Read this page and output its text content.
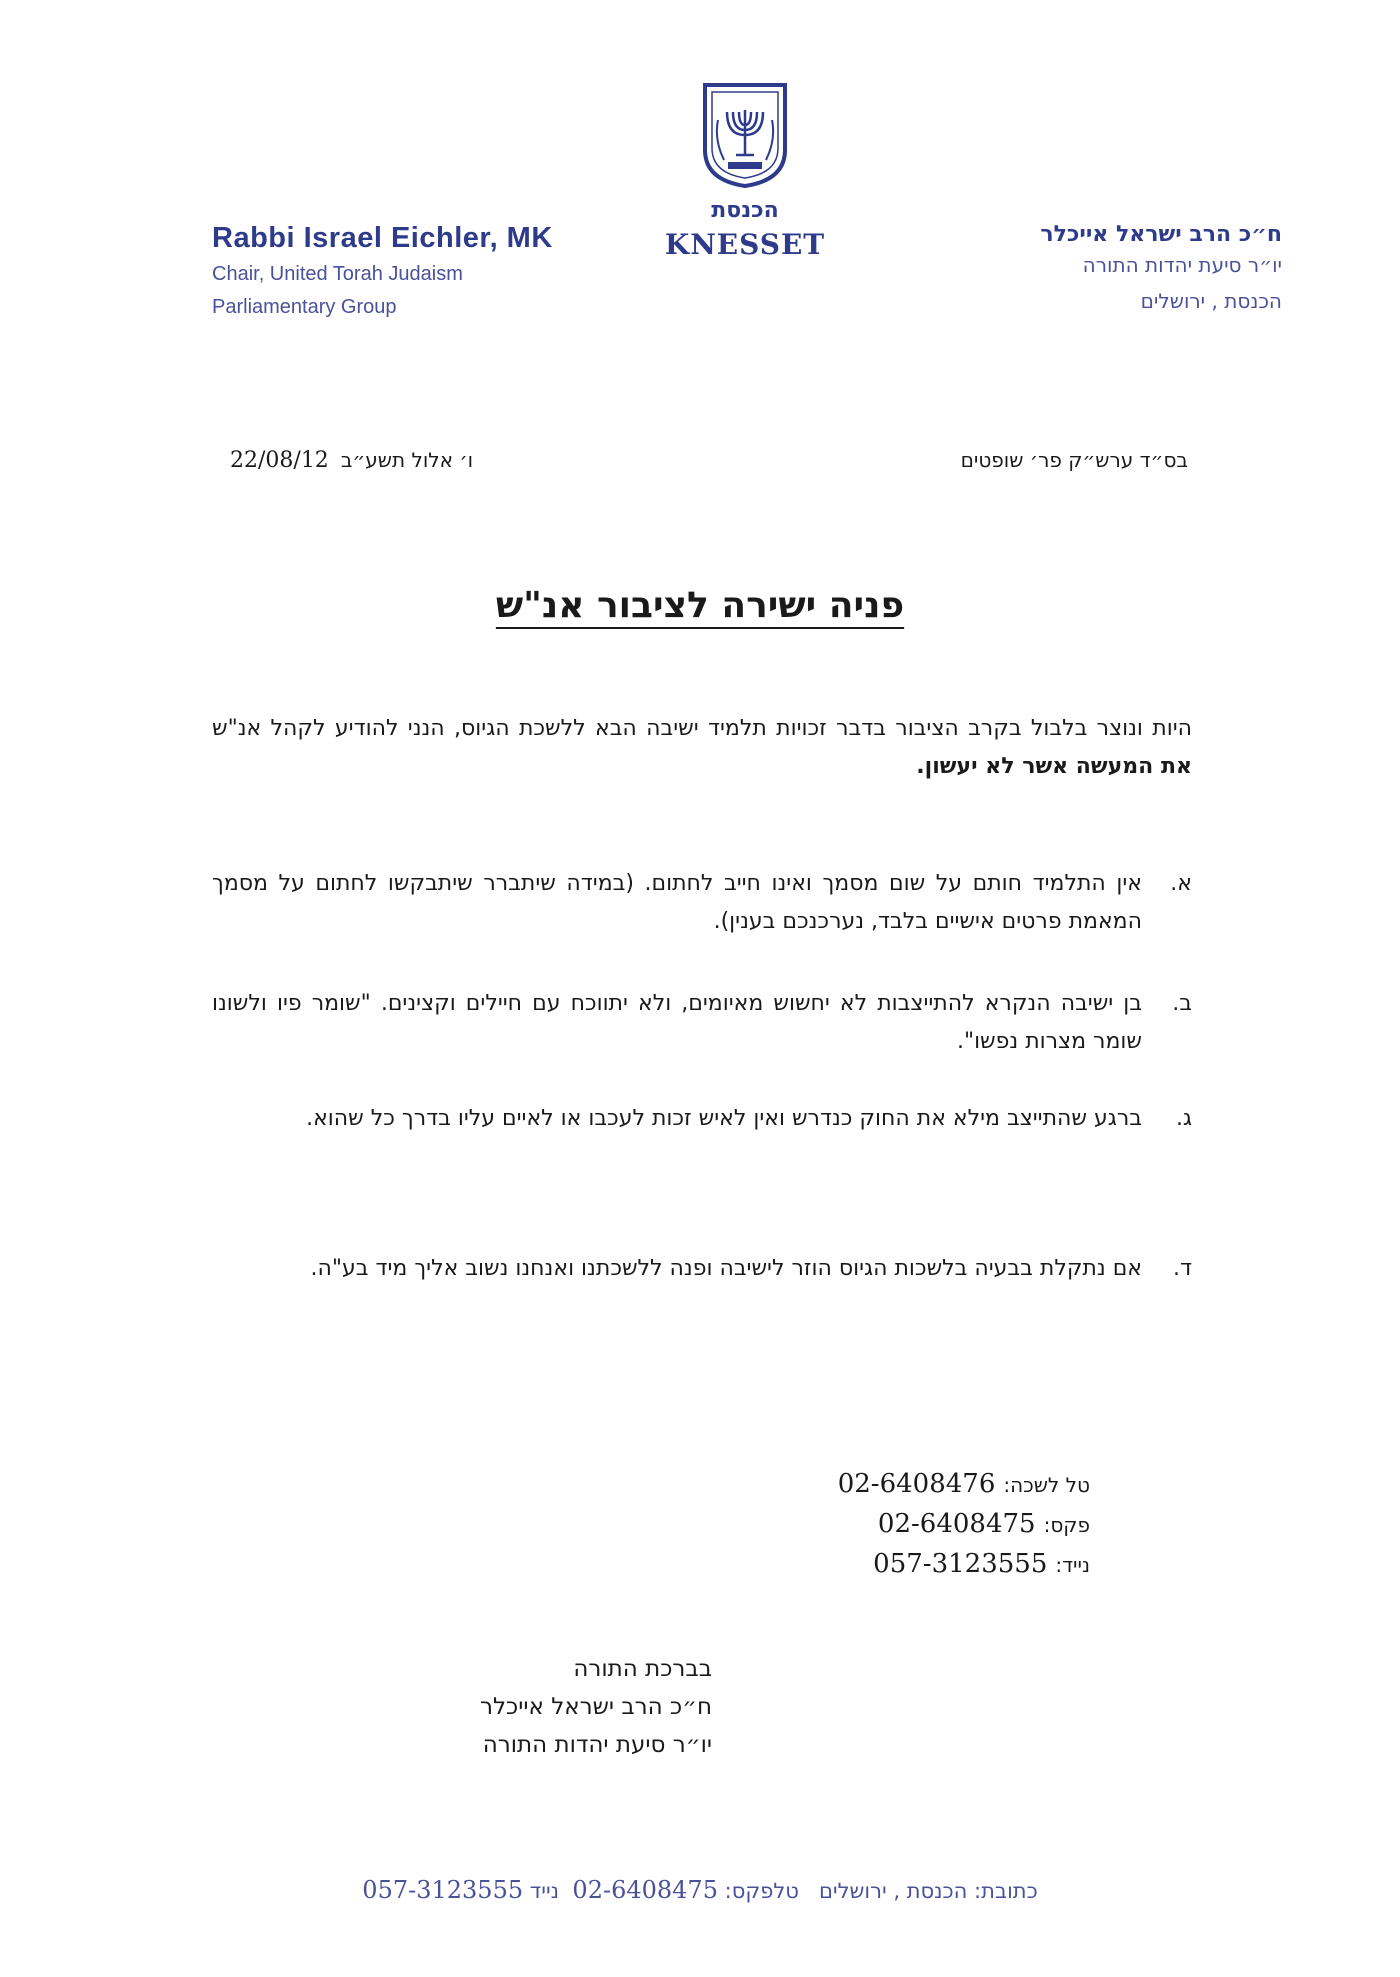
הכנסת
KNESSET
Rabbi Israel Eichler, MK
Chair, United Torah Judaism
Parliamentary Group
ח״כ הרב ישראל אייכלר
יו״ר סיעת יהדות התורה
הכנסת , ירושלים
בס״ד ערש״ק פר׳ שופטים
ו׳ אלול תשע״ב22/08/12
פניה ישירה לציבור אנ"ש
היות ונוצר בלבול בקרב הציבור בדבר זכויות תלמיד ישיבה הבא ללשכת הגיוס, הנני להודיע לקהל אנ"ש את המעשה אשר לא יעשון.
א.
אין התלמיד חותם על שום מסמך ואינו חייב לחתום. (במידה שיתברר שיתבקשו לחתום על מסמך המאמת פרטים אישיים בלבד, נערכנכם בענין).
ב.
בן ישיבה הנקרא להתייצבות לא יחשוש מאיומים, ולא יתווכח עם חיילים וקצינים. "שומר פיו ולשונו שומר מצרות נפשו".
ג.
ברגע שהתייצב מילא את החוק כנדרש ואין לאיש זכות לעכבו או לאיים עליו בדרך כל שהוא.
ד.
אם נתקלת בבעיה בלשכות הגיוס הוזר לישיבה ופנה ללשכתנו ואנחנו נשוב אליך מיד בע"ה.
טל לשכה:02-6408476
פקס:02-6408475
נייד:057-3123555
בברכת התורה
ח״כ הרב ישראל אייכלר
יו״ר סיעת יהדות התורה
כתובת: הכנסת , ירושלים   טלפקס: 02-6408475  נייד 057-3123555
